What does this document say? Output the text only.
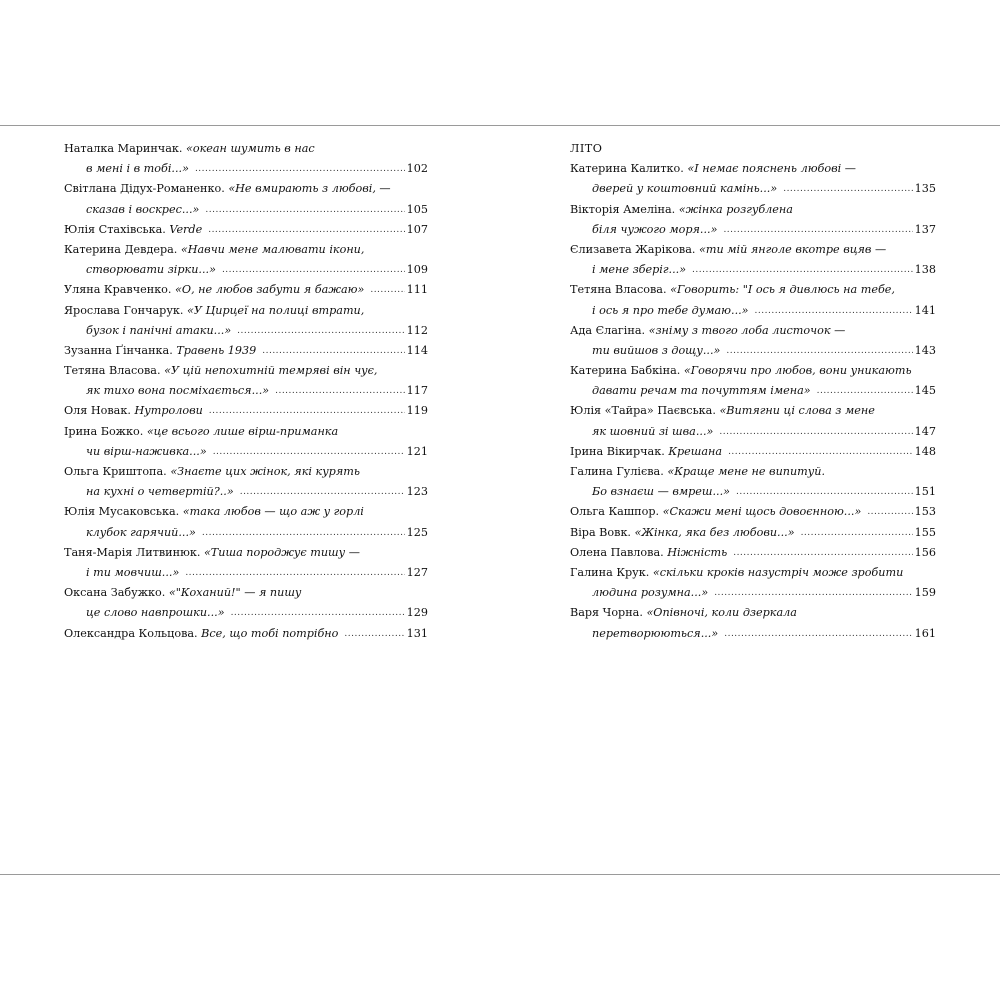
Наталка Маринчак. «океан шумить в нас
в мені і в тобі...» .....	102
Світлана Дідух-Романенко. «Не вмирають з любові, —
сказав і воскрес...» .....	105
Юлія Стахівська. Verde .....	107
Катерина Девдера. «Навчи мене малювати ікони,
створювати зірки...» .....	109
Уляна Кравченко. «О, не любов забути я бажаю» .....	111
Ярослава Гончарук. «У Цирцеї на полиці втрати,
бузок і панічні атаки...» .....	112
Зузанна Ґінчанка. Травень 1939 .....	114
Тетяна Власова. «У цій непохитній темряві він чує,
як тихо вона посміхається...» .....	117
Оля Новак. Нутролови .....	119
Ірина Божко. «це всього лише вірш-приманка
чи вірш-наживка...» .....	121
Ольга Криштопа. «Знаєте цих жінок, які курять
на кухні о четвертій?..» .....	123
Юлія Мусаковська. «така любов — що аж у горлі
клубок гарячий...» .....	125
Таня-Марія Литвинюк. «Тиша породжує тишу —
і ти мовчиш...» .....	127
Оксана Забужко. «"Коханий!" — я пишу
це слово навпрошки...» .....	129
Олександра Кольцова. Все, що тобі потрібно .....	131
ЛІТО
Катерина Калитко. «І немає пояснень любові —
дверей у коштовний камінь...» .....	135
Вікторія Амеліна. «жінка розгублена
біля чужого моря...» .....	137
Єлизавета Жарікова. «ти мій янголе вкотре вцяв —
і мене зберіг...» .....	138
Тетяна Власова. «Говорить: "І ось я дивлюсь на тебе,
і ось я про тебе думаю...» .....	141
Ада Єлагіна. «зніму з твого лоба листочок —
ти вийшов з дощу...» .....	143
Катерина Бабкіна. «Говорячи про любов, вони уникають
давати речам та почуттям імена» .....	145
Юлія «Тайра» Паєвська. «Витягни ці слова з мене
як шовний зі шва...» .....	147
Ірина Вікирчак. Крешана .....	148
Галина Гулієва. «Краще мене не випитуй.
Бо взнаєш — вмреш...» .....	151
Ольга Кашпор. «Скажи мені щось довоєнною...» .....	153
Віра Вовк. «Жінка, яка без любови...» .....	155
Олена Павлова. Ніжність .....	156
Галина Крук. «скільки кроків назустріч може зробити
людина розумна...» .....	159
Варя Чорна. «Опівночі, коли дзеркала
перетворюються...» .....	161
